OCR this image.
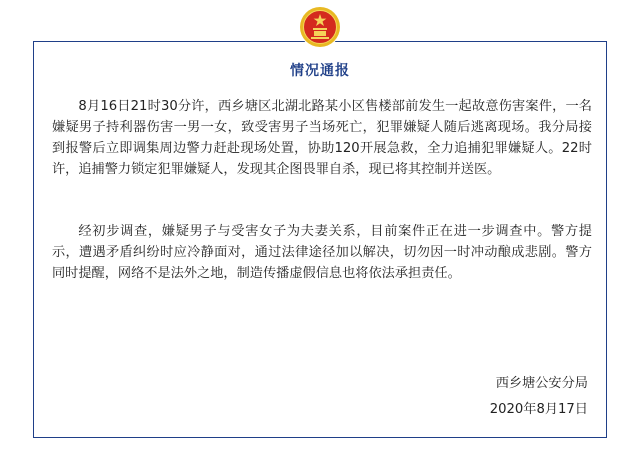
情况通报

8月16日21时30分许，西乡塘区北湖北路某小区售楼部前发生一起故意伤害案件，一名嫌疑男子持利器伤害一男一女，致受害男子当场死亡，犯罪嫌疑人随后逃离现场。我分局接到报警后立即调集周边警力赶赴现场处置，协助120开展急救，全力追捕犯罪嫌疑人。22时许，追捕警力锁定犯罪嫌疑人，发现其企图畏罪自杀，现已将其控制并送医。

经初步调查，嫌疑男子与受害女子为夫妻关系，目前案件正在进一步调查中。警方提示，遭遇矛盾纠纷时应冷静面对，通过法律途径加以解决，切勿因一时冲动酿成悲剧。警方同时提醒，网络不是法外之地，制造传播虚假信息也将依法承担责任。

西乡塘公安分局
2020年8月17日
